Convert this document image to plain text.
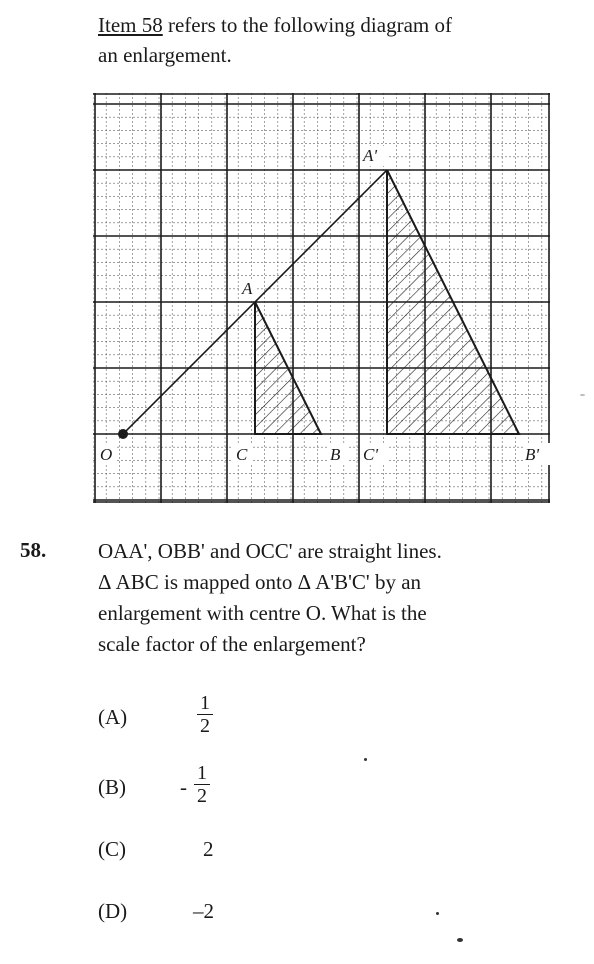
Item 58 refers to the following diagram of
an enlargement.
O
A
C	B C'
A'
B'
58. OAA', OBB' and OCC' are straight lines.
Δ ABC is mapped onto Δ A'B'C' by an
enlargement with centre O. What is the
scale factor of the enlargement?
(A)	$\frac{1}{2}$
(B)	- $\frac{1}{2}$
(C)	2
(D)	–2
